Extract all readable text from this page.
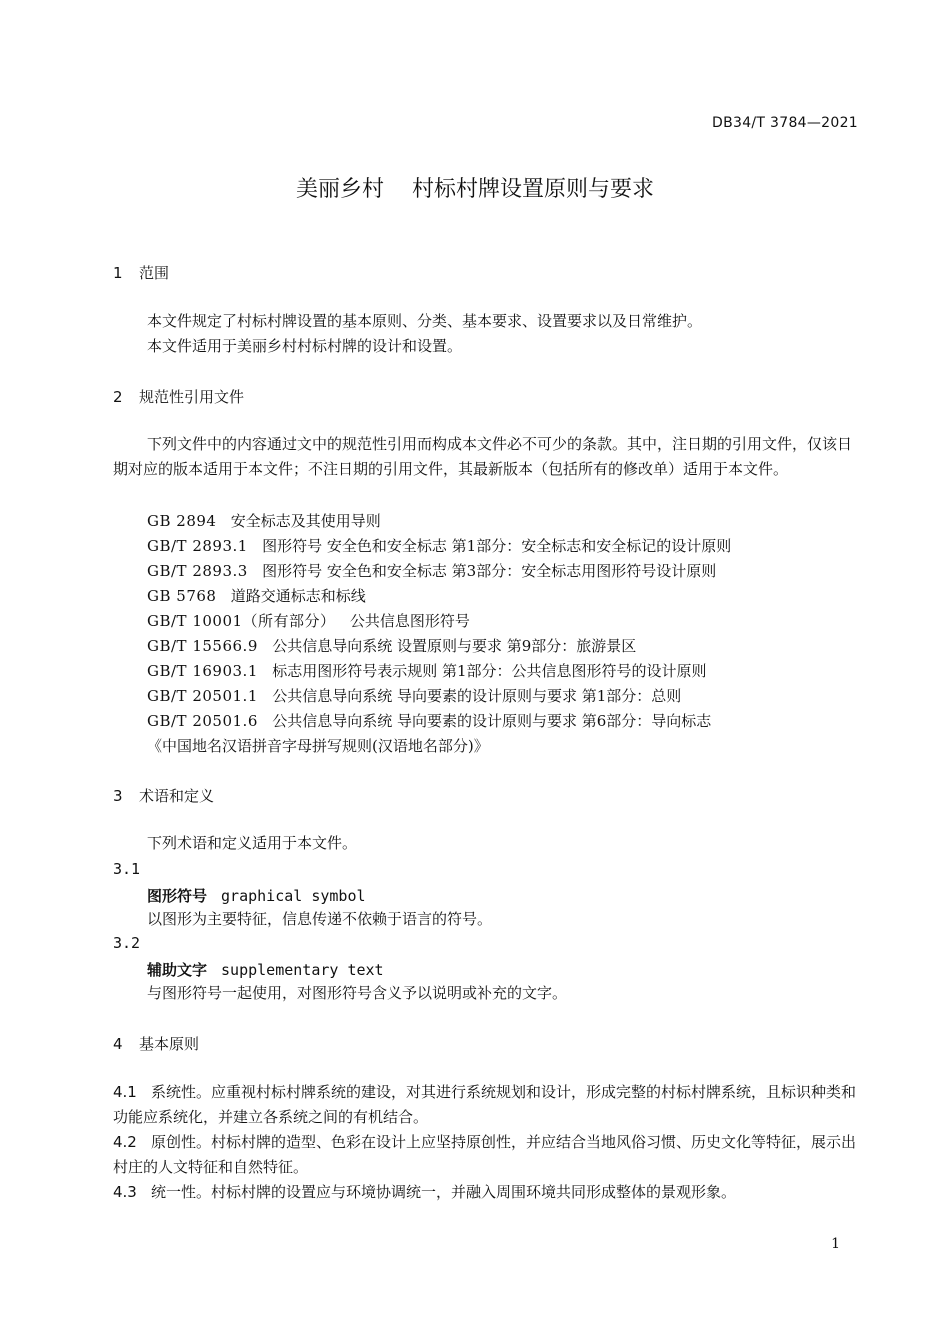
DB34/T 3784—2021
美丽乡村 村标村牌设置原则与要求
1 范围
本文件规定了村标村牌设置的基本原则、分类、基本要求、设置要求以及日常维护。
本文件适用于美丽乡村村标村牌的设计和设置。
2 规范性引用文件
下列文件中的内容通过文中的规范性引用而构成本文件必不可少的条款。其中，注日期的引用文件，仅该日期对应的版本适用于本文件；不注日期的引用文件，其最新版本（包括所有的修改单）适用于本文件。
GB 2894 安全标志及其使用导则
GB/T 2893.1 图形符号 安全色和安全标志 第1部分：安全标志和安全标记的设计原则
GB/T 2893.3 图形符号 安全色和安全标志 第3部分：安全标志用图形符号设计原则
GB 5768 道路交通标志和标线
GB/T 10001（所有部分） 公共信息图形符号
GB/T 15566.9 公共信息导向系统 设置原则与要求 第9部分：旅游景区
GB/T 16903.1 标志用图形符号表示规则 第1部分：公共信息图形符号的设计原则
GB/T 20501.1 公共信息导向系统 导向要素的设计原则与要求 第1部分：总则
GB/T 20501.6 公共信息导向系统 导向要素的设计原则与要求 第6部分：导向标志
《中国地名汉语拼音字母拼写规则(汉语地名部分)》
3 术语和定义
下列术语和定义适用于本文件。
3.1
图形符号 graphical symbol
以图形为主要特征，信息传递不依赖于语言的符号。
3.2
辅助文字 supplementary text
与图形符号一起使用，对图形符号含义予以说明或补充的文字。
4 基本原则
4.1 系统性。应重视村标村牌系统的建设，对其进行系统规划和设计，形成完整的村标村牌系统，且标识种类和功能应系统化，并建立各系统之间的有机结合。
4.2 原创性。村标村牌的造型、色彩在设计上应坚持原创性，并应结合当地风俗习惯、历史文化等特征，展示出村庄的人文特征和自然特征。
4.3 统一性。村标村牌的设置应与环境协调统一，并融入周围环境共同形成整体的景观形象。
1
